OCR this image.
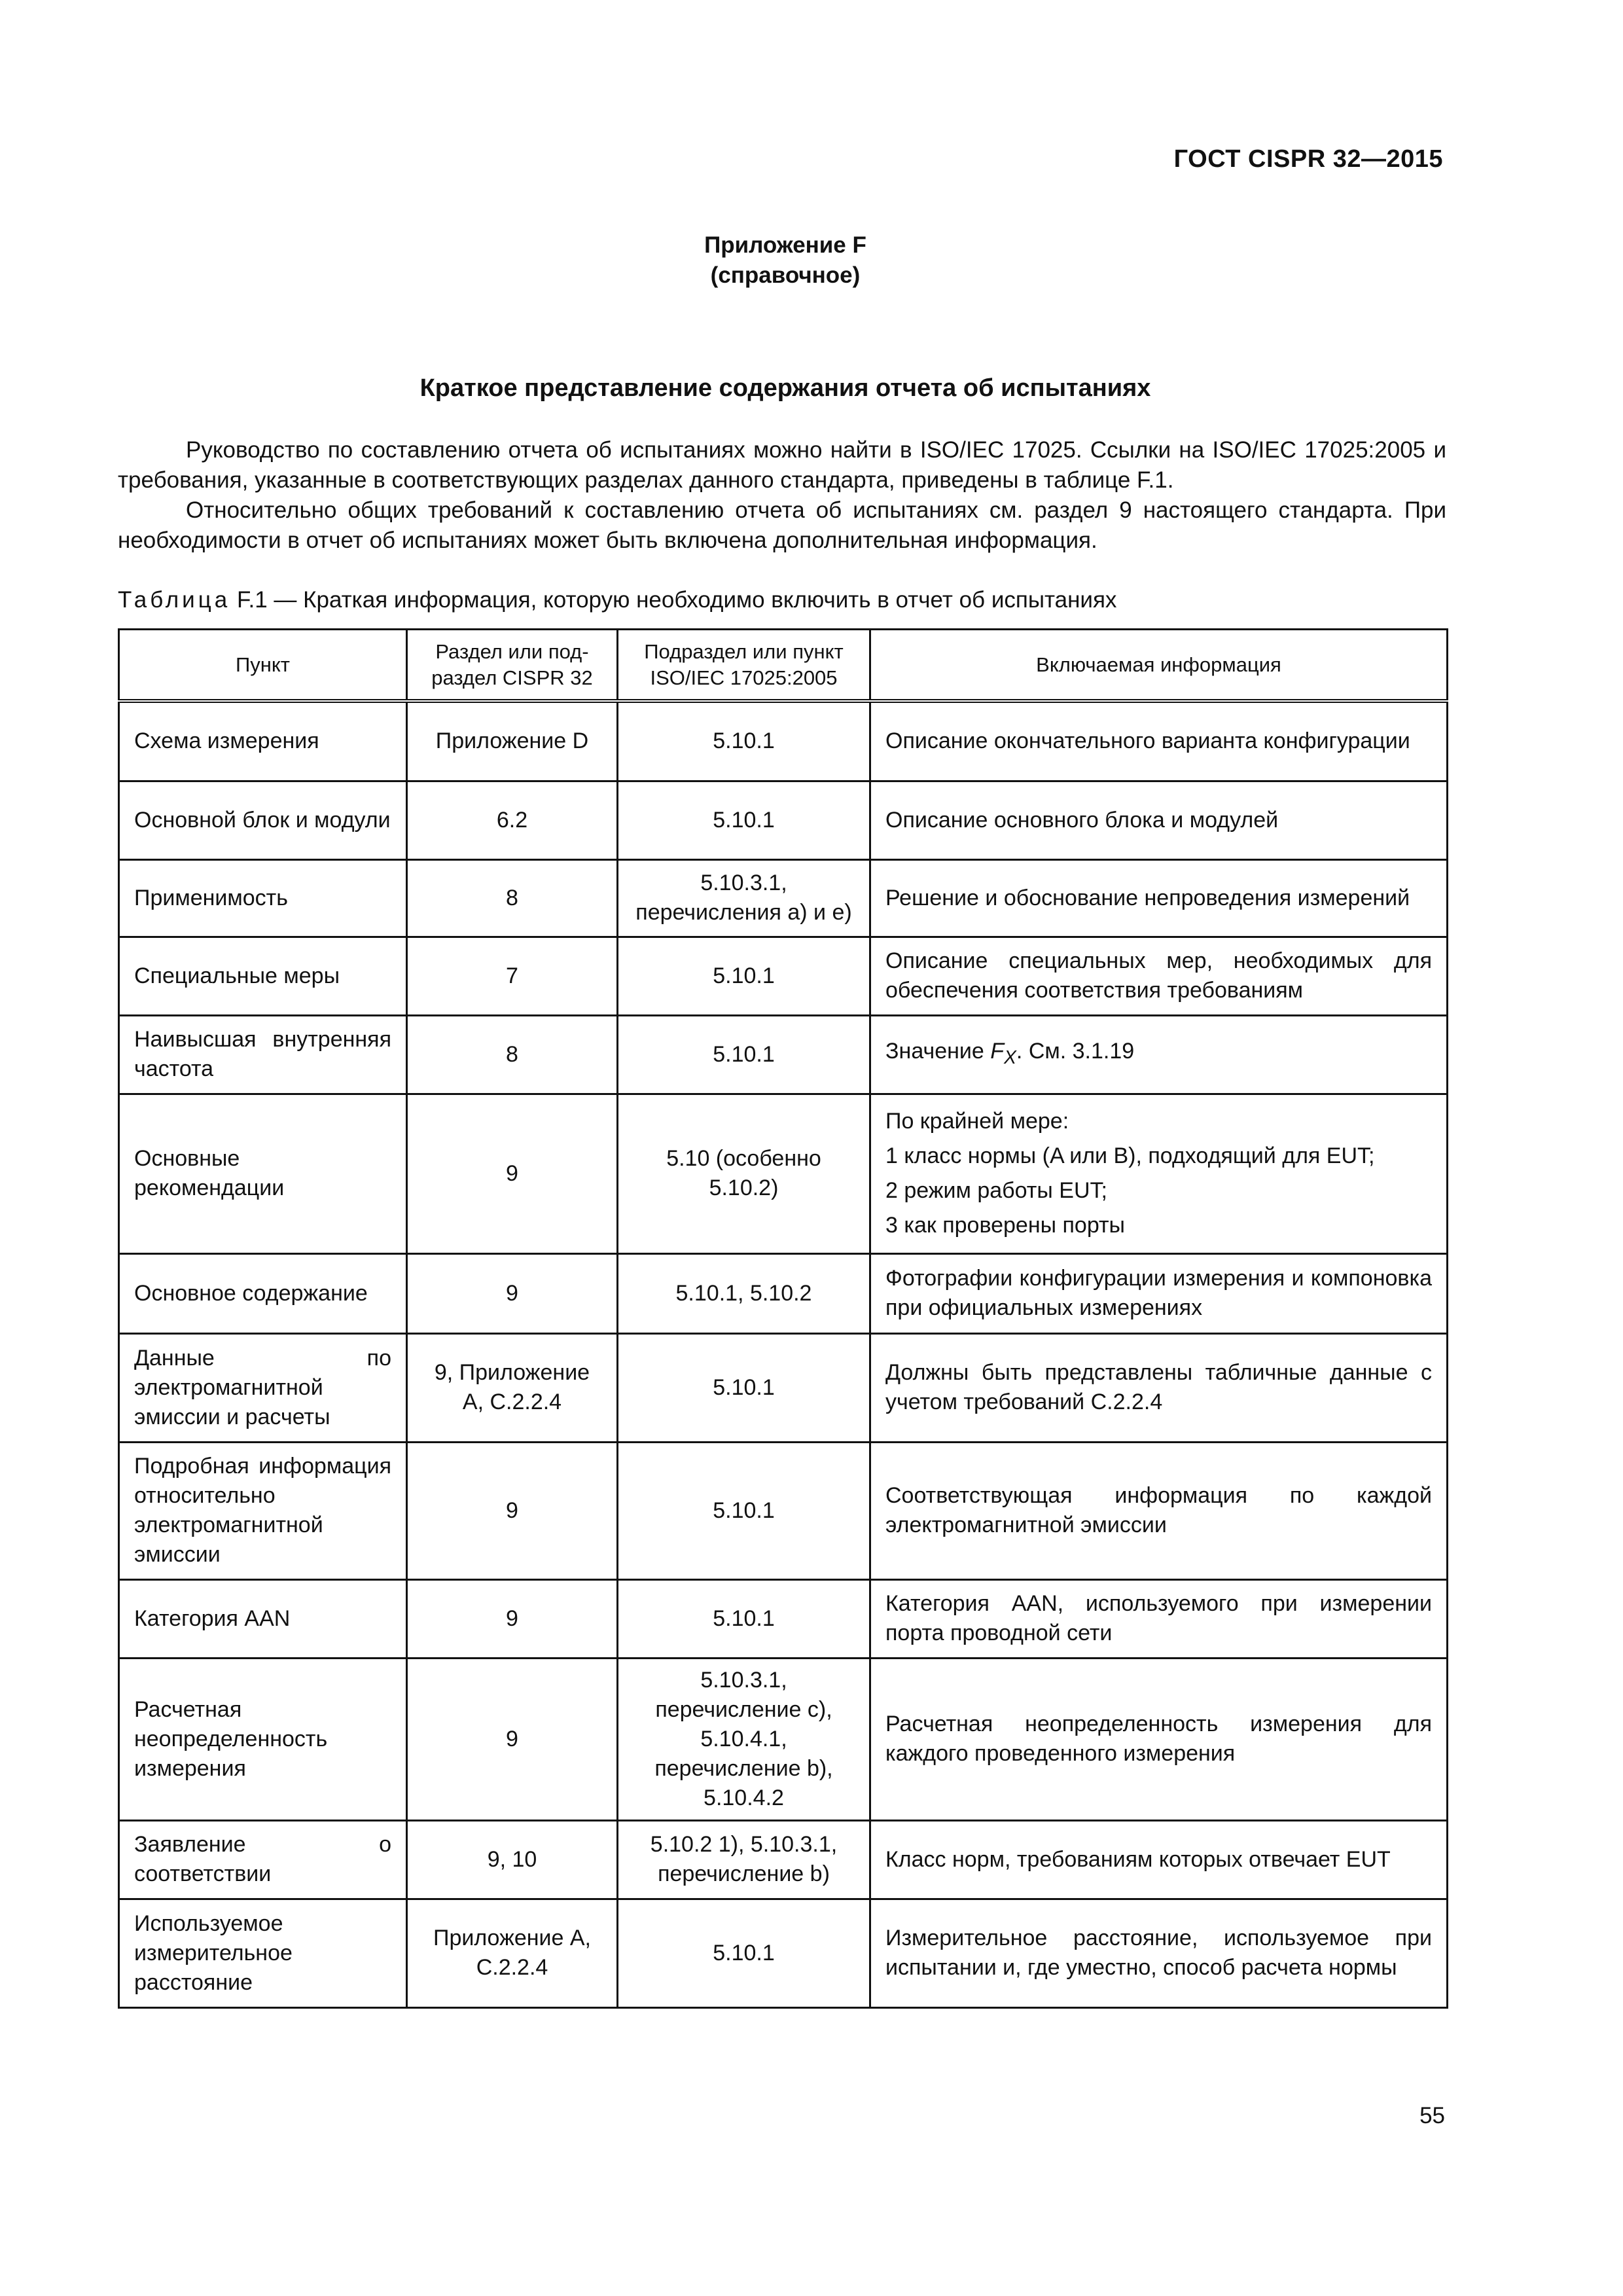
ГОСТ CISPR 32—2015
Приложение F
(справочное)
Краткое представление содержания отчета об испытаниях

Руководство по составлению отчета об испытаниях можно найти в ISO/IEC 17025. Ссылки на ISO/IEC 17025:2005 и требования, указанные в соответствующих разделах данного стандарта, приведены в таблице F.1.

Относительно общих требований к составлению отчета об испытаниях см. раздел 9 настоящего стандарта. При необходимости в отчет об испытаниях может быть включена дополнительная информация.

Таблица F.1 — Краткая информация, которую необходимо включить в отчет об испытаниях
Пункт	Раздел или под-раздел CISPR 32	Подраздел или пункт ISO/IEC 17025:2005	Включаемая информация
Схема измерения	Приложение D	5.10.1	Описание окончательного варианта конфигурации
Основной блок и модули	6.2	5.10.1	Описание основного блока и модулей
Применимость	8	5.10.3.1, перечисления a) и e)	Решение и обоснование непроведения измерений
Специальные меры	7	5.10.1	Описание специальных мер, необходимых для обеспечения соответствия требованиям
Наивысшая внутренняя частота	8	5.10.1	Значение $F_X$. См. 3.1.19
Основные рекомендации	9	5.10 (особенно 5.10.2)	По крайней мере:
1 класс нормы (A или B), подходящий для EUT;
2 режим работы EUT;
3 как проверены порты

Основное содержание	9	5.10.1, 5.10.2	Фотографии конфигурации измерения и компоновка при официальных измерениях
Данные по электромагнитной эмиссии и расчеты	9, Приложение A, C.2.2.4	5.10.1	Должны быть представлены табличные данные с учетом требований C.2.2.4
Подробная информация относительно электромагнитной эмиссии	9	5.10.1	Соответствующая информация по каждой электромагнитной эмиссии
Категория AAN	9	5.10.1	Категория AAN, используемого при измерении порта проводной сети
Расчетная неопределенность измерения	9	5.10.3.1, перечисление c), 5.10.4.1, перечисление b), 5.10.4.2	Расчетная неопределенность измерения для каждого проведенного измерения
Заявление о соответствии	9, 10	5.10.2 1), 5.10.3.1, перечисление b)	Класс норм, требованиям которых отвечает EUT
Используемое измерительное расстояние	Приложение A, C.2.2.4	5.10.1	Измерительное расстояние, используемое при испытании и, где уместно, способ расчета нормы
55
